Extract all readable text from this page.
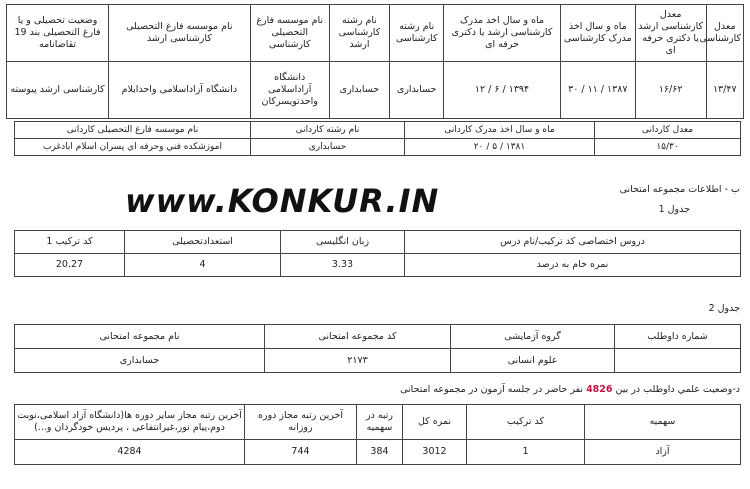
معدل کارشناسی	معدل کارشناسی ارشد یا دکتری حرفه ای	ماه و سال اخذ مدرک کارشناسی	ماه و سال اخذ مدرک کارشناسی ارشد یا دکتری حرفه ای	نام رشته کارشناسی	نام رشته کارشناسی ارشد	نام موسسه فارغ التحصیلی کارشناسی	نام موسسه فارغ التحصیلی کارشناسی ارشد	وضعیت تحصیلی و یا فارغ التحصیلی بند 19 تقاضانامه
۱۳/۴۷	۱۶/۶۲	۱۳۸۷ / ۱۱ / ۳۰	۱۳۹۴ / ۶ / ۱۲	حسابداری	حسابداری	دانشگاه آزاداسلامی واحدتویسرکان	دانشگاه آزاداسلامی واحدایلام	کارشناسی ارشد پیوسته
معدل کاردانی	ماه و سال اخذ مدرک کاردانی	نام رشته کاردانی	نام موسسه فارغ التحصیلی کاردانی
۱۵/۳۰	۱۳۸۱ / ۵ / ۲۰	حسابداری	اموزشکده فني وحرفه اي پسران اسلام ابادغرب
ب - اطلاعات مجموعه امتحانی
جدول 1
www.KONKUR.IN
دروس اختصاصی کد ترکیب/نام درس	زبان انگلیسی	استعدادتحصیلی	کد ترکیب 1
نمره خام به درصد	3.33	4	20.27
جدول 2
شماره داوطلب	گروه آزمایشی	کد مجموعه امتحانی	نام مجموعه امتحانی
	علوم انسانی	۲۱۷۳	حسابداری
د-وضعیت علمي داوطلب در بین 4826 نفر حاضر در جلسه آزمون در مجموعه امتحانی
سهمیه	کد ترکیب	نمره کل	رتبه در سهمیه	آخرین رتبه مجاز دوره روزانه	آخرین رتبه مجاز سایر دوره ها(دانشگاه آزاد اسلامی،نوبت دوم،پیام نور،غیرانتفاعی ، پردیس خودگردان و...)
آزاد	1	3012	384	744	4284
